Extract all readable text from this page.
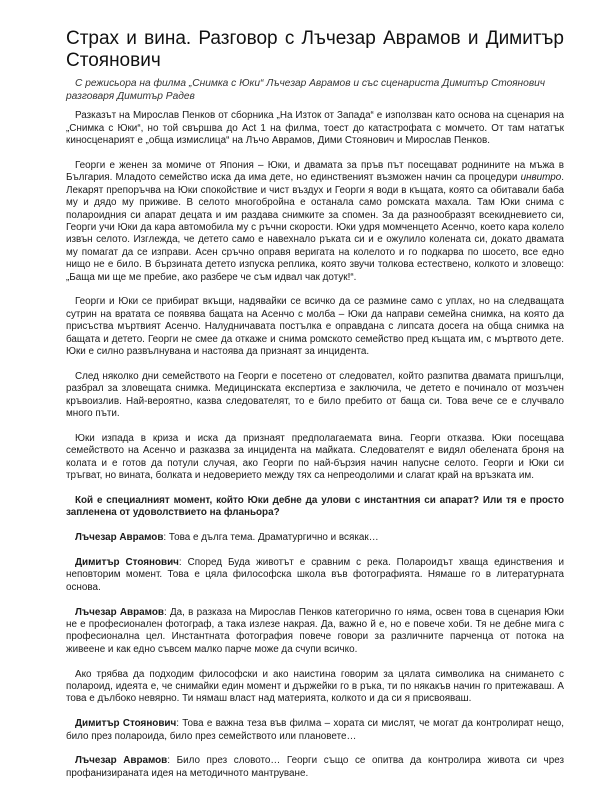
Страх и вина. Разговор с Лъчезар Аврамов и Димитър Стоянович
С режисьора на филма „Снимка с Юки“ Лъчезар Аврамов и със сценариста Димитър Стоянович разговаря Димитър Радев

Разказът на Мирослав Пенков от сборника „На Изток от Запада“ е използван като основа на сценария на „Снимка с Юки“, но той свършва до Act 1 на филма, тоест до катастрофата с момчето. От там нататък киносценарият е „обща измислица“ на Лъчо Аврамов, Дими Стоянович и Мирослав Пенков.

Георги е женен за момиче от Япония – Юки, и двамата за пръв път посещават роднините на мъжа в България. Младото семейство иска да има дете, но единственият възможен начин са процедури инвитро. Лекарят препоръчва на Юки спокойствие и чист въздух и Георги я води в къщата, която са обитавали баба му и дядо му приживе. В селото многобройна е останала само ромската махала. Там Юки снима с поларoидния си апарат децата и им раздава снимките за спомен. За да разнообразят всекидневието си, Георги учи Юки да кара автомобила му с ръчни скорости. Юки удря момченцето Асенчо, което кара колело извън селото. Изглежда, че детето само е навехнало ръката си и е ожулило колената си, докато двамата му помагат да се изправи. Асен сръчно оправя веригата на колелото и го подкарва по шосето, все едно нищо не е било. В бързината детето изпуска реплика, която звучи толкова естествено, колкото и зловещо: „Баща ми ще ме пребие, ако разбере че съм идвал чак дотук!“.

Георги и Юки се прибират вкъщи, надявайки се всичко да се размине само с уплах, но на следващата сутрин на вратата се появява бащата на Асенчо с молба – Юки да направи семейна снимка, на която да присъства мъртвият Асенчо. Налудничавата постълка е оправдана с липсата досега на обща снимка на бащата и детето. Георги не смее да откаже и снима ромското семейство пред къщата им, с мъртвото дете. Юки е силно развълнувана и настоява да признаят за инцидента.

След няколко дни семейството на Георги е посетено от следовател, който разпитва двамата пришълци, разбрал за зловещата снимка. Медицинската експертиза е заключила, че детето е починало от мозъчен кръвоизлив. Най-вероятно, казва следователят, то е било пребито от баща си. Това вече се е случвало много пъти.

Юки изпада в криза и иска да признаят предполагаемата вина. Георги отказва. Юки посещава семейството на Асенчо и разказва за инцидента на майката. Следователят е видял обелената броня на колата и е готов да потули случая, ако Георги по най-бързия начин напусне селото. Георги и Юки си тръгват, но вината, болката и недоверието между тях са непреодолими и слагат край на връзката им.

Кой е специалният момент, който Юки дебне да улови с инстантния си апарат? Или тя е просто запленена от удоволствието на фланьора?

Лъчезар Аврамов: Това е дълга тема. Драматургично и всякак…

Димитър Стоянович: Според Буда животът е сравним с река. Поларoидът хваща единствения и неповторим момент. Това е цяла философска школа във фотографията. Нямаше го в литературната основа.

Лъчезар Аврамов: Да, в разказа на Мирослав Пенков категорично го няма, освен това в сценария Юки не е професионален фотограф, а така излезе накрая. Да, важно й е, но е повече хоби. Тя не дебне мига с професионална цел. Инстантната фотография повече говори за различните парченца от потока на живеене и как едно съвсем малко парче може да счупи всичко.

Ако трябва да подходим философски и ако наистина говорим за цялата символика на снимането с поларoид, идеята е, че снимайки един момент и държейки го в ръка, ти по някакъв начин го притежаваш. А това е дълбоко невярно. Ти нямаш власт над материята, колкото и да си я присвояваш.

Димитър Стоянович: Това е важна теза във филма – хората си мислят, че могат да контролират нещо, било през поларoида, било през семейството или плановете…

Лъчезар Аврамов: Било през словото… Георги също се опитва да контролира живота си чрез профанизираната идея на методичното мантруване.
